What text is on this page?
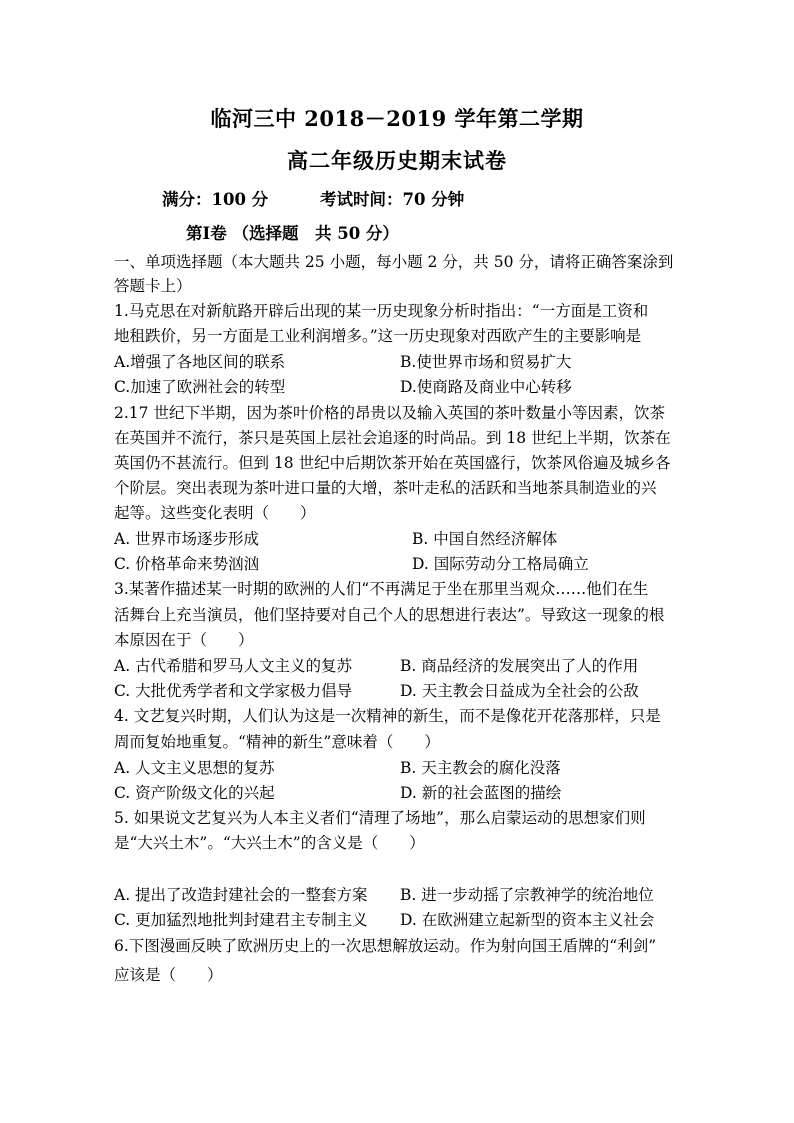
临河三中 2018－2019 学年第二学期
高二年级历史期末试卷
满分：100 分	考试时间：70 分钟
第Ⅰ卷 （选择题　共 50 分）
一、单项选择题（本大题共 25 小题，每小题 2 分，共 50 分，请将正确答案涂到
答题卡上）
1.马克思在对新航路开辟后出现的某一历史现象分析时指出：“一方面是工资和
地租跌价，另一方面是工业利润增多。”这一历史现象对西欧产生的主要影响是
A.增强了各地区间的联系	B.使世界市场和贸易扩大
C.加速了欧洲社会的转型	D.使商路及商业中心转移
2.17 世纪下半期，因为茶叶价格的昂贵以及输入英国的茶叶数量小等因素，饮茶
在英国并不流行，茶只是英国上层社会追逐的时尚品。到 18 世纪上半期，饮茶在
英国仍不甚流行。但到 18 世纪中后期饮茶开始在英国盛行，饮茶风俗遍及城乡各
个阶层。突出表现为茶叶进口量的大增，茶叶走私的活跃和当地茶具制造业的兴
起等。这些变化表明（　　）
A. 世界市场逐步形成	B. 中国自然经济解体
C. 价格革命来势汹汹	D. 国际劳动分工格局确立
3.某著作描述某一时期的欧洲的人们“不再满足于坐在那里当观众……他们在生
活舞台上充当演员，他们坚持要对自己个人的思想进行表达”。导致这一现象的根
本原因在于（　　）
A. 古代希腊和罗马人文主义的复苏	B. 商品经济的发展突出了人的作用
C. 大批优秀学者和文学家极力倡导	D. 天主教会日益成为全社会的公敌
4. 文艺复兴时期，人们认为这是一次精神的新生，而不是像花开花落那样，只是
周而复始地重复。“精神的新生”意味着（　　）
A. 人文主义思想的复苏	B. 天主教会的腐化没落
C. 资产阶级文化的兴起	D. 新的社会蓝图的描绘
5. 如果说文艺复兴为人本主义者们“清理了场地”，那么启蒙运动的思想家们则
是“大兴土木”。“大兴土木”的含义是（　　）
A. 提出了改造封建社会的一整套方案 B. 进一步动摇了宗教神学的统治地位
C. 更加猛烈地批判封建君主专制主义 D. 在欧洲建立起新型的资本主义社会
6.下图漫画反映了欧洲历史上的一次思想解放运动。作为射向国王盾牌的“利剑”
应该是（　　）
